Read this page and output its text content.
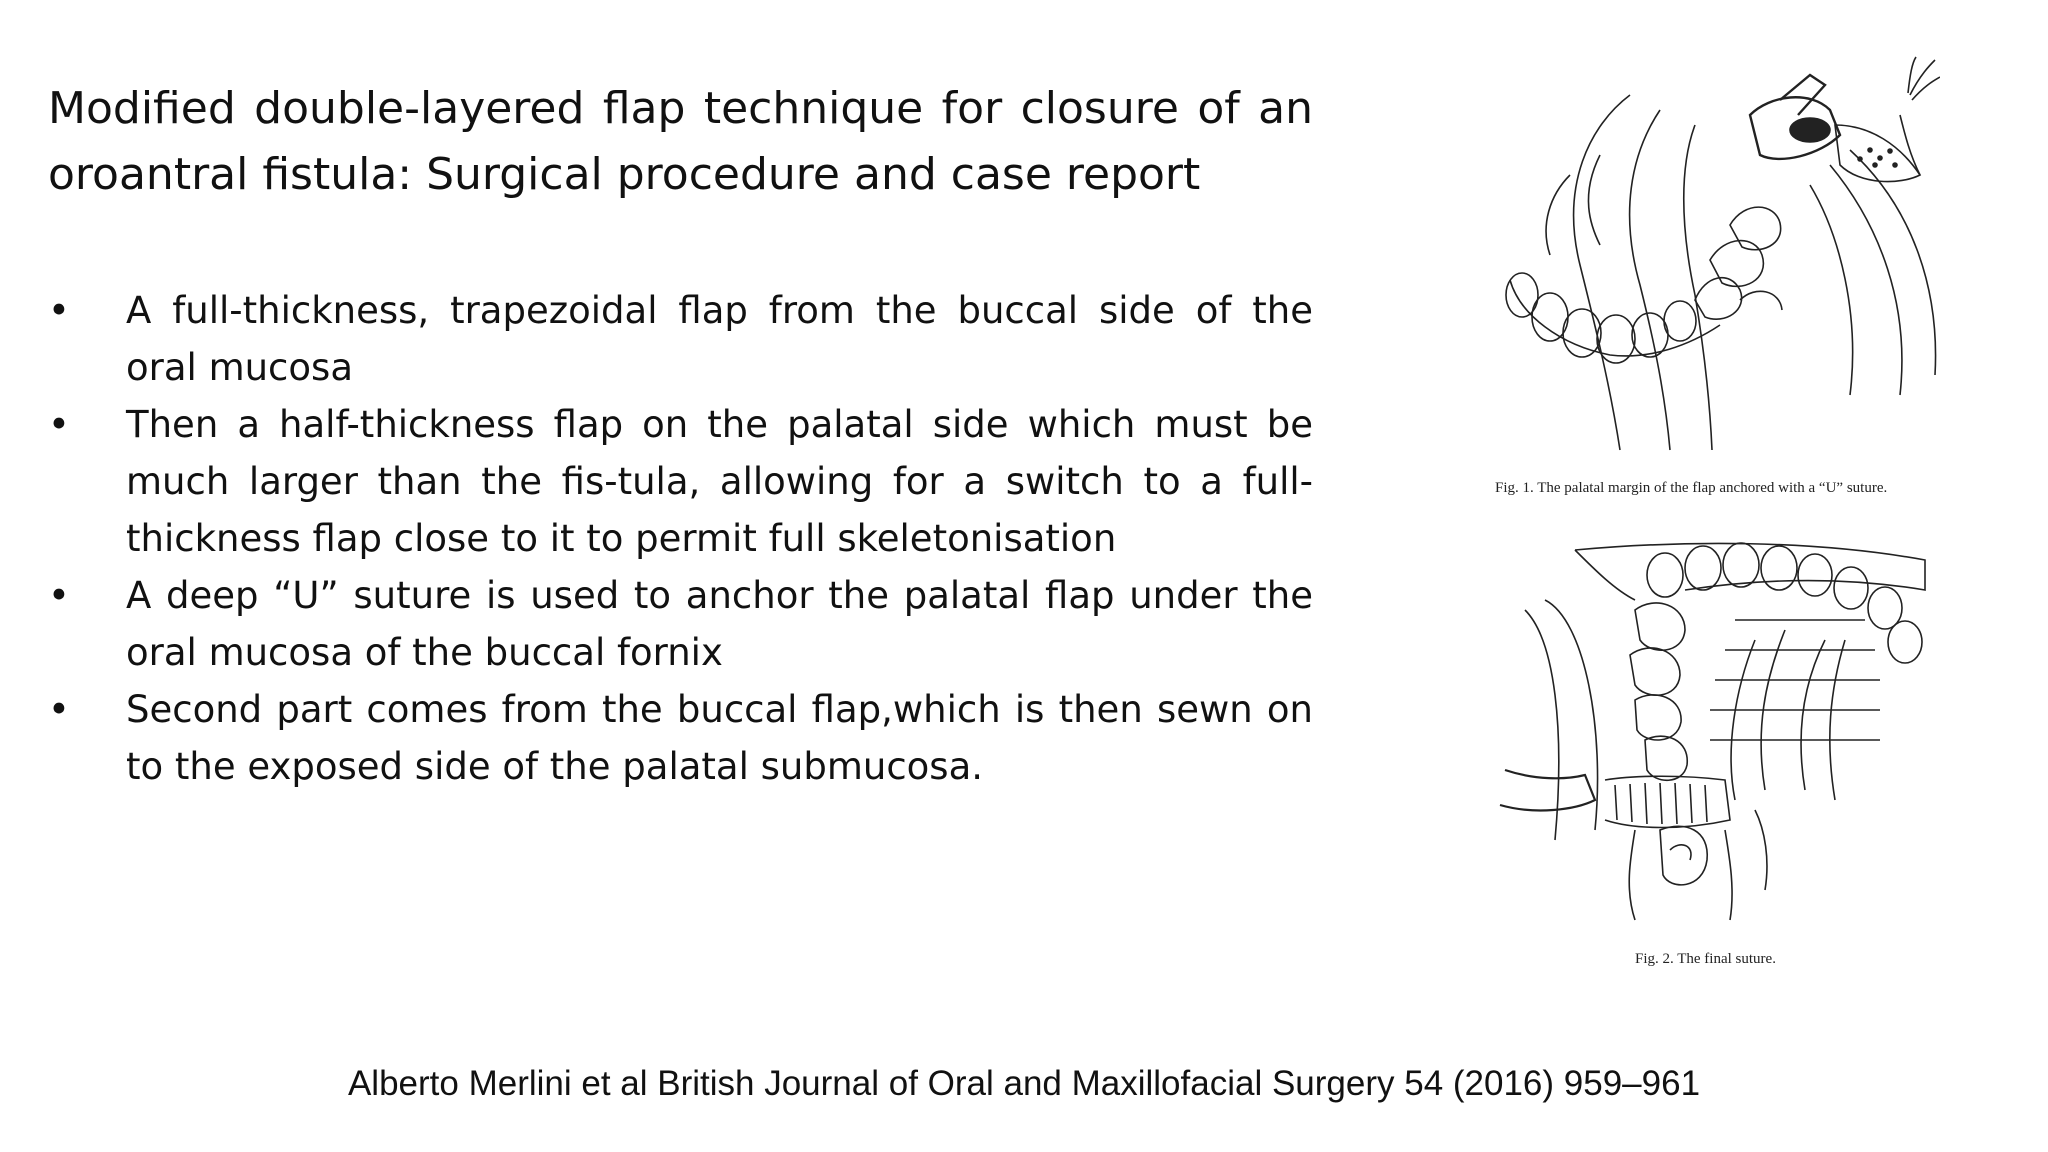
Modified double-layered flap technique for closure of an oroantral fistula: Surgical procedure and case report
• A full-thickness, trapezoidal flap from the buccal side of the oral mucosa
• Then a half-thickness flap on the palatal side which must be much larger than the fis-tula, allowing for a switch to a full-thickness flap close to it to permit full skeletonisation
• A deep “U” suture is used to anchor the palatal flap under the oral mucosa of the buccal fornix
• Second part comes from the buccal flap,which is then sewn on to the exposed side of the palatal submucosa.
Fig. 1. The palatal margin of the flap anchored with a “U” suture.
Fig. 2. The final suture.
Alberto Merlini et al British Journal of Oral and Maxillofacial Surgery 54 (2016) 959–961
